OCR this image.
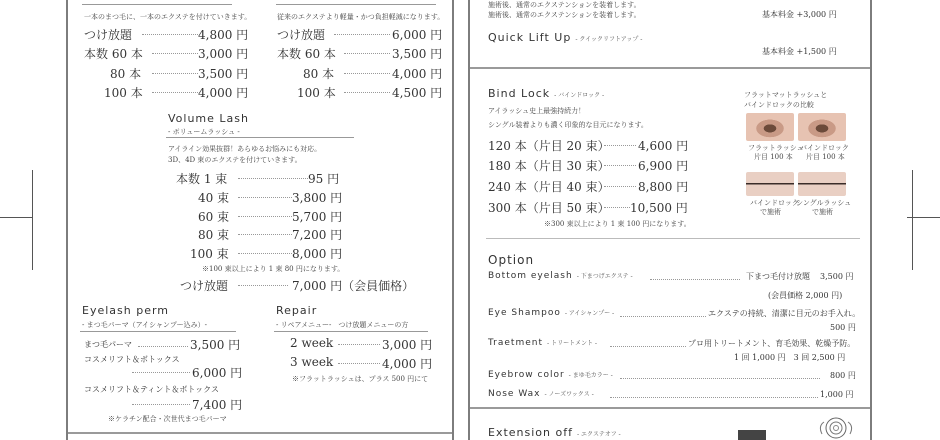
一本のまつ毛に、一本のエクステを付けていきます。	従来のエクステより軽量・かつ負担軽減になります。
つけ放題	4,800 円
本数 60 本	3,000 円
80 本	3,500 円
100 本	4,000 円
つけ放題	6,000 円
本数 60 本	3,500 円
80 本	4,000 円
100 本	4,500 円
Volume Lash
- ボリュームラッシュ -
アイライン効果抜群！あらゆるお悩みにも対応。
3D、4D 束のエクステを付けていきます。
本数 1 束	95 円
40 束	3,800 円
60 束	5,700 円
80 束	7,200 円
100 束	8,000 円
※100 束以上により 1 束 80 円になります。
つけ放題	7,000 円（会員価格）
Eyelash perm
- まつ毛パーマ（アイシャンプー込み）-
まつ毛パーマ	3,500 円
コスメリフト＆ボトックス
6,000 円
コスメリフト＆ティント＆ボトックス
7,400 円
※ケラチン配合・次世代まつ毛パーマ
Repair
- リペアメニュー-　つけ放題メニューの方
2 week	3,000 円
3 week	4,000 円
※フラットラッシュは、プラス 500 円にて
施術後、通常のエクステンションを装着します。
施術後、通常のエクステンションを装着します。	基本料金 +3,000 円
Quick Lift Up - クイックリフトアップ -
基本料金 +1,500 円
Bind Lock - バインドロック -
アイラッシュ史上最強持続力！
シングル装着よりも濃く印象的な目元になります。
120 本（片目 20 束） 4,600 円
180 本（片目 30 束） 6,900 円
240 本（片目 40 束） 8,800 円
300 本（片目 50 束） 10,500 円
※300 束以上により 1 束 100 円になります。
フラットマットラッシュと
バインドロックの比較
フラットラッシュ
片目 100 本
バインドロック
片目 100 本
バインドロック
で施術
シングルラッシュ
で施術
Option
Bottom eyelash - 下まつげエクステ -	下まつ毛付け放題 3,500 円
(会員価格 2,000 円)
Eye Shampoo - アイシャンプー -	エクステの持続、清潔に目元のお手入れ。
500 円
Traetment - トリートメント -	プロ用トリートメント、育毛効果、乾燥予防。
1 回 1,000 円　3 回 2,500 円
Eyebrow color - まゆ毛カラー -	800 円
Nose Wax - ノーズワックス -	1,000 円
Extension off - エクステオフ -
